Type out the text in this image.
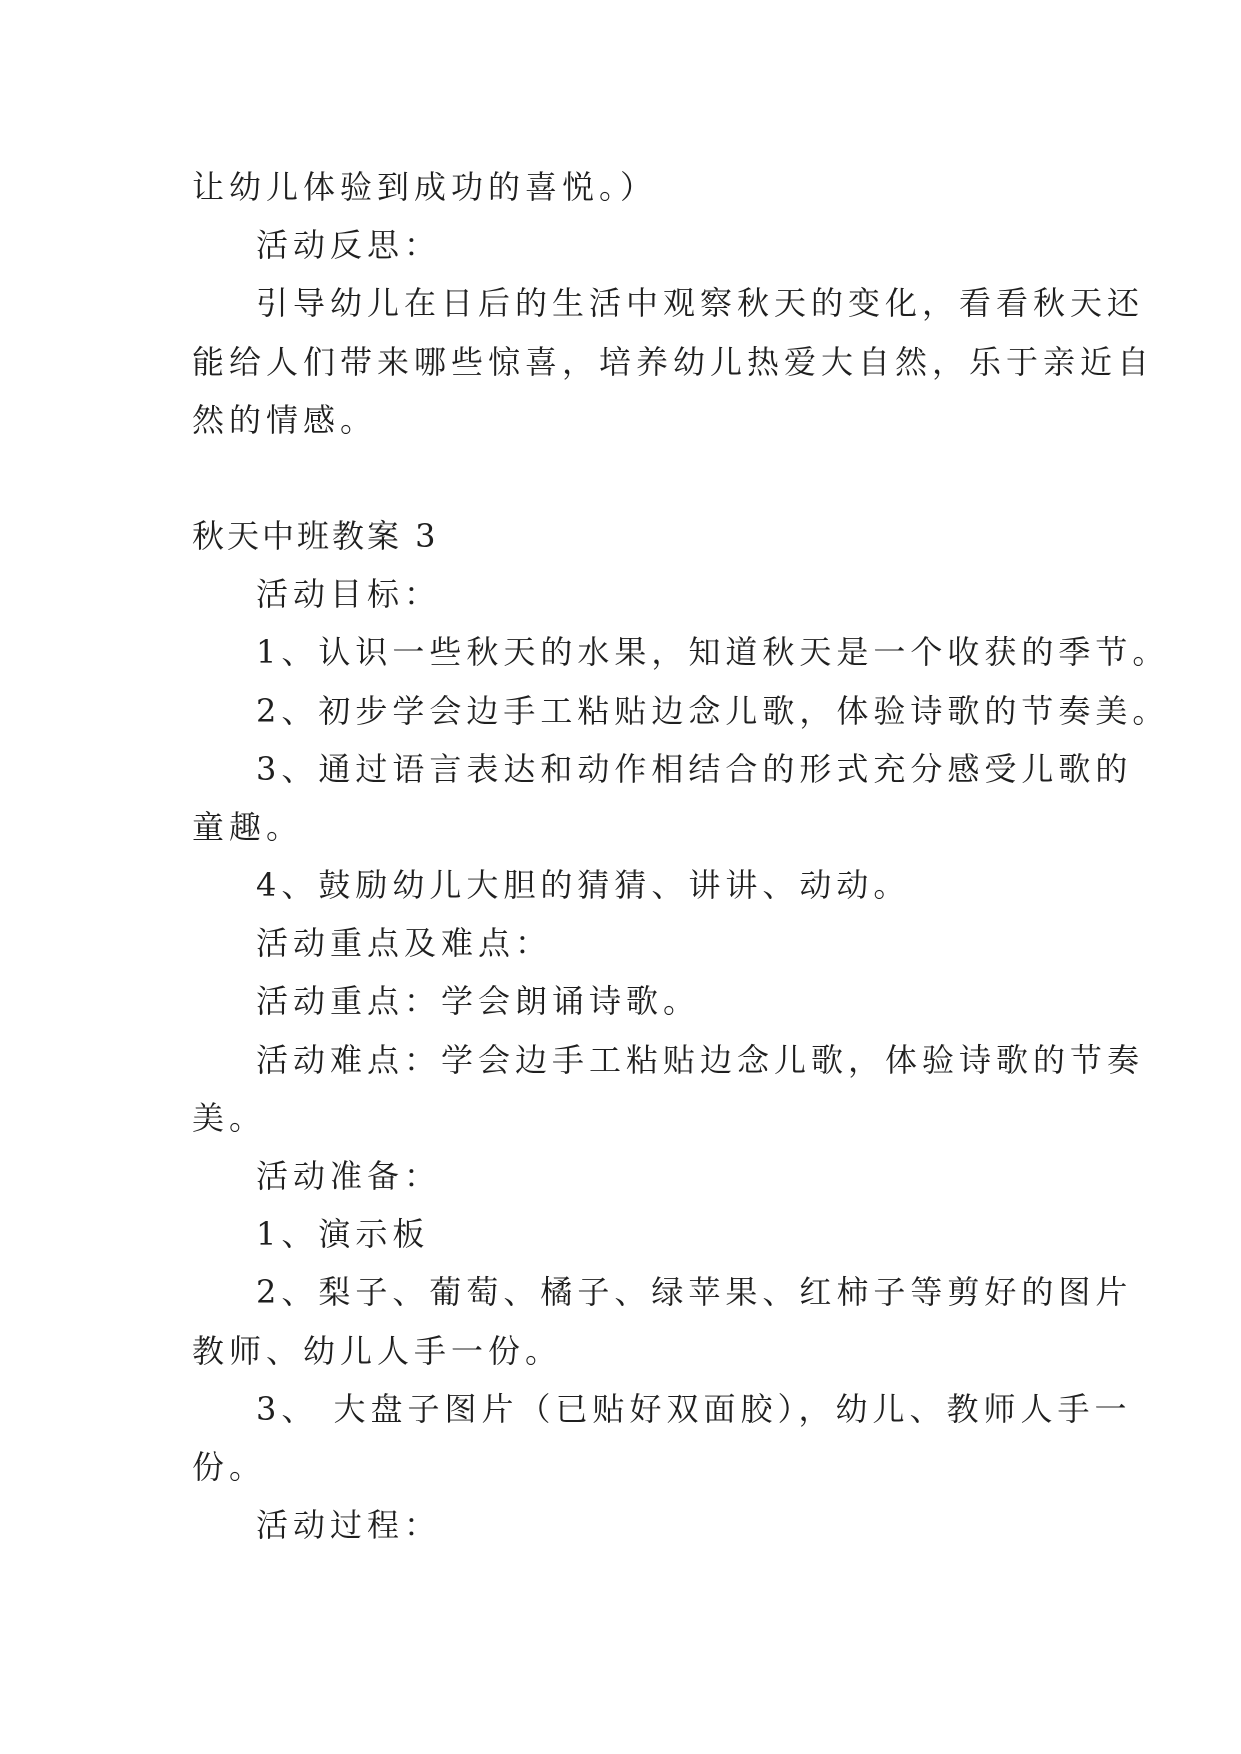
让幼儿体验到成功的喜悦。）
活动反思：
引导幼儿在日后的生活中观察秋天的变化，看看秋天还
能给人们带来哪些惊喜，培养幼儿热爱大自然，乐于亲近自
然的情感。
秋天中班教案 3
活动目标：
1、认识一些秋天的水果，知道秋天是一个收获的季节。
2、初步学会边手工粘贴边念儿歌，体验诗歌的节奏美。
3、通过语言表达和动作相结合的形式充分感受儿歌的
童趣。
4、鼓励幼儿大胆的猜猜、讲讲、动动。
活动重点及难点：
活动重点：学会朗诵诗歌。
活动难点：学会边手工粘贴边念儿歌，体验诗歌的节奏
美。
活动准备：
1、演示板
2、梨子、葡萄、橘子、绿苹果、红柿子等剪好的图片
教师、幼儿人手一份。
3、 大盘子图片（已贴好双面胶），幼儿、教师人手一
份。
活动过程：
